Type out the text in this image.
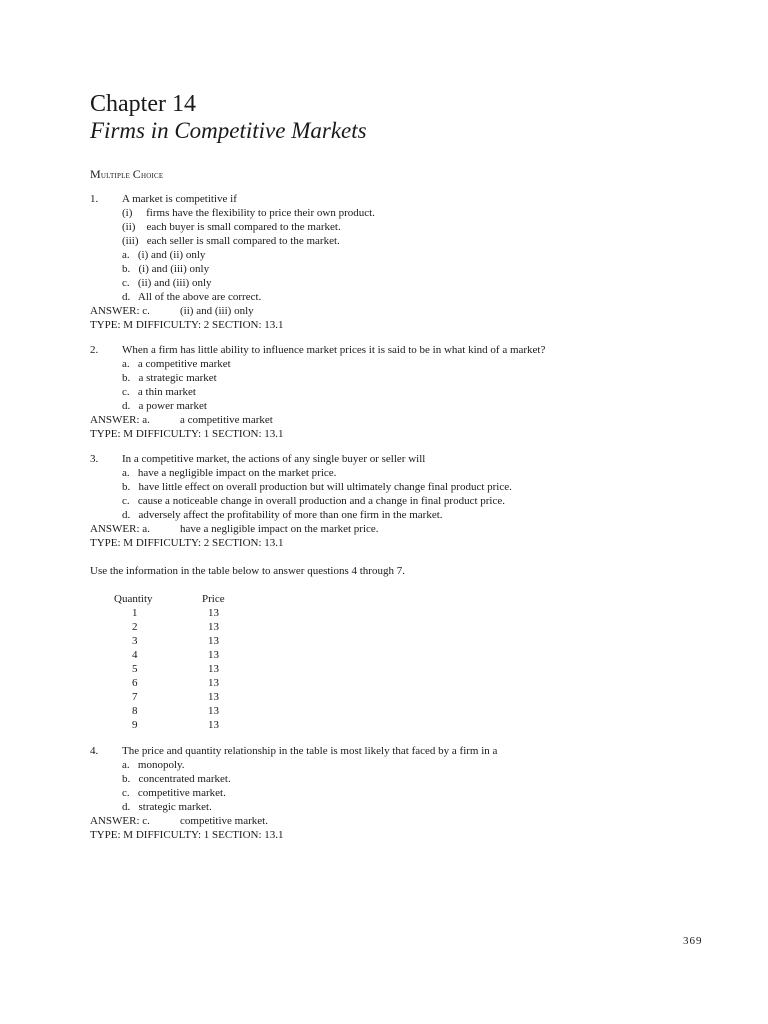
Chapter 14
Firms in Competitive Markets
Multiple Choice
1. A market is competitive if
(i)     firms have the flexibility to price their own product.
(ii)    each buyer is small compared to the market.
(iii)   each seller is small compared to the market.
a.   (i) and (ii) only
b.   (i) and (iii) only
c.   (ii) and (iii) only
d.   All of the above are correct.
ANSWER: c.	(ii) and (iii) only
TYPE: M DIFFICULTY: 2 SECTION: 13.1
2. When a firm has little ability to influence market prices it is said to be in what kind of a market?
a.   a competitive market
b.   a strategic market
c.   a thin market
d.   a power market
ANSWER: a.	a competitive market
TYPE: M DIFFICULTY: 1 SECTION: 13.1
3. In a competitive market, the actions of any single buyer or seller will
a.   have a negligible impact on the market price.
b.   have little effect on overall production but will ultimately change final product price.
c.   cause a noticeable change in overall production and a change in final product price.
d.   adversely affect the profitability of more than one firm in the market.
ANSWER: a.	have a negligible impact on the market price.
TYPE: M DIFFICULTY: 2 SECTION: 13.1
Use the information in the table below to answer questions 4 through 7.
Quantity	Price
1	13
2	13
3	13
4	13
5	13
6	13
7	13
8	13
9	13
4. The price and quantity relationship in the table is most likely that faced by a firm in a
a.   monopoly.
b.   concentrated market.
c.   competitive market.
d.   strategic market.
ANSWER: c.	competitive market.
TYPE: M DIFFICULTY: 1 SECTION: 13.1
369
